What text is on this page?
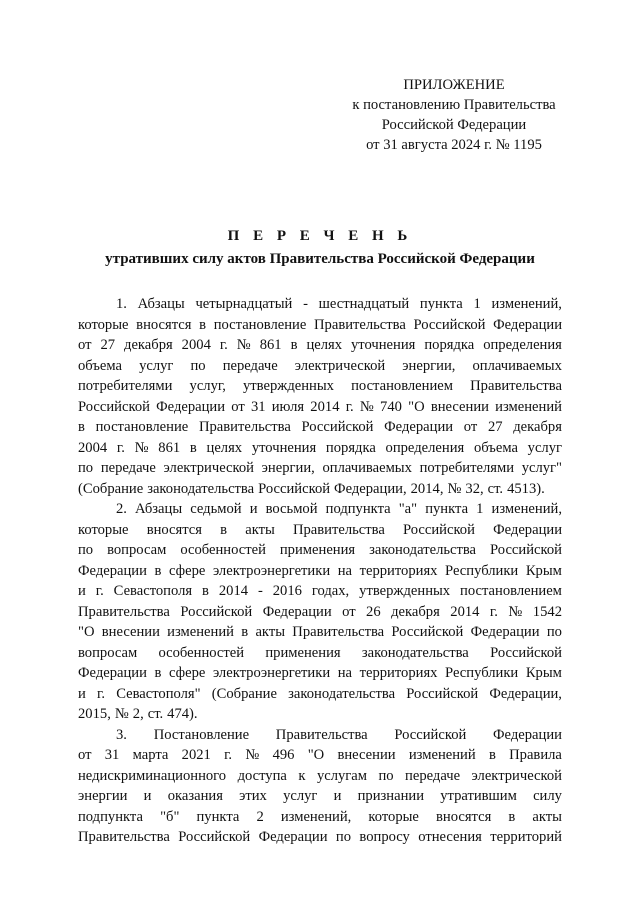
ПРИЛОЖЕНИЕ
к постановлению Правительства
Российской Федерации
от 31 августа 2024 г. № 1195
П Е Р Е Ч Е Н Ь
утративших силу актов Правительства Российской Федерации
1. Абзацы четырнадцатый - шестнадцатый пункта 1 изменений,
которые вносятся в постановление Правительства Российской Федерации
от 27 декабря 2004 г. № 861 в целях уточнения порядка определения
объема услуг по передаче электрической энергии, оплачиваемых
потребителями услуг, утвержденных постановлением Правительства
Российской Федерации от 31 июля 2014 г. № 740 "О внесении изменений
в постановление Правительства Российской Федерации от 27 декабря
2004 г. № 861 в целях уточнения порядка определения объема услуг
по передаче электрической энергии, оплачиваемых потребителями услуг"
(Собрание законодательства Российской Федерации, 2014, № 32, ст. 4513).
2. Абзацы седьмой и восьмой подпункта "а" пункта 1 изменений,
которые вносятся в акты Правительства Российской Федерации
по вопросам особенностей применения законодательства Российской
Федерации в сфере электроэнергетики на территориях Республики Крым
и г. Севастополя в 2014 - 2016 годах, утвержденных постановлением
Правительства Российской Федерации от 26 декабря 2014 г. № 1542
"О внесении изменений в акты Правительства Российской Федерации по
вопросам особенностей применения законодательства Российской
Федерации в сфере электроэнергетики на территориях Республики Крым
и г. Севастополя" (Собрание законодательства Российской Федерации,
2015, № 2, ст. 474).
3. Постановление Правительства Российской Федерации
от 31 марта 2021 г. № 496 "О внесении изменений в Правила
недискриминационного доступа к услугам по передаче электрической
энергии и оказания этих услуг и признании утратившим силу
подпункта "б" пункта 2 изменений, которые вносятся в акты
Правительства Российской Федерации по вопросу отнесения территорий
